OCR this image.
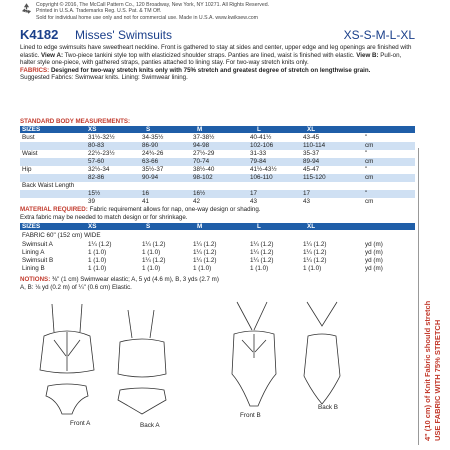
Copyright © 2016, The McCall Pattern Co., 120 Broadway, New York, NY 10271. All Rights Reserved.
Printed in U.S.A. Trademarks Reg. U.S. Pat. & TM Off.
Sold for individual home use only and not for commercial use. Made in U.S.A. www.kwiksew.com
K4182 Misses' Swimsuits	XS-S-M-L-XL
Lined to edge swimsuits have sweetheart neckline. Front is gathered to stay at sides and center, upper edge and leg openings are finished with elastic. View A: Two-piece tankini style top with elasticized shoulder straps. Panties are lined, waist is finished with elastic. View B: Pull-on, halter style one-piece, with gathered straps, panties attached to lining stay. For two-way stretch knits only.
FABRICS: Designed for two-way stretch knits only with 75% stretch and greatest degree of stretch on lengthwise grain.
Suggested Fabrics: Swimwear knits. Lining: Swimwear lining.
STANDARD BODY MEASUREMENTS:
SIZES	XS	S	M	L	XL
Bust	31½-32½	34-35½	37-38½	40-41½	43-45	"
80-83	86-90	94-98	102-106	110-114	cm
Waist	22½-23½	24¾-26	27½-29	31-33	35-37	"
57-60	63-66	70-74	79-84	89-94	cm
Hip	32½-34	35½-37	38½-40	41½-43½	45-47	"
82-86	90-94	98-102	106-110	115-120	cm
Back Waist Length
15½	16	16½	17	17	"
39	41	42	43	43	cm
MATERIAL REQUIRED: Fabric requirement allows for nap, one-way design or shading.
Extra fabric may be needed to match design or for shrinkage.
SIZES	XS	S	M	L	XL
FABRIC 60" (152 cm) WIDE
Swimsuit A	1¼ (1.2)	1¼ (1.2)	1¼ (1.2)	1¼ (1.2)	1¼ (1.2)	yd (m)
Lining A	1 (1.0)	1 (1.0)	1¼ (1.2)	1¼ (1.2)	1¼ (1.2)	yd (m)
Swimsuit B	1 (1.0)	1¼ (1.2)	1¼ (1.2)	1¼ (1.2)	1¼ (1.2)	yd (m)
Lining B	1 (1.0)	1 (1.0)	1 (1.0)	1 (1.0)	1 (1.0)	yd (m)
NOTIONS: ⅜" (1 cm) Swimwear elastic; A, 5 yd (4.6 m), B, 3 yds (2.7 m)
A, B: ⅛ yd (0.2 m) of ¼" (0.6 cm) Elastic.
4" (10 cm) of Knit Fabric should stretch USE FABRIC WITH 75% STRETCH
Front A	Back A
Front B
Back B
